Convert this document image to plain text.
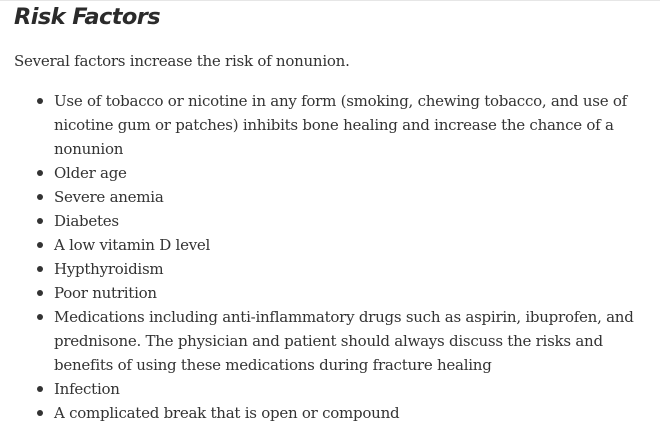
Risk Factors

Several factors increase the risk of nonunion.

Use of tobacco or nicotine in any form (smoking, chewing tobacco, and use of nicotine gum or patches) inhibits bone healing and increase the chance of a nonunion
Older age
Severe anemia
Diabetes
A low vitamin D level
Hypthyroidism
Poor nutrition
Medications including anti-inflammatory drugs such as aspirin, ibuprofen, and prednisone. The physician and patient should always discuss the risks and benefits of using these medications during fracture healing
Infection
A complicated break that is open or compound
